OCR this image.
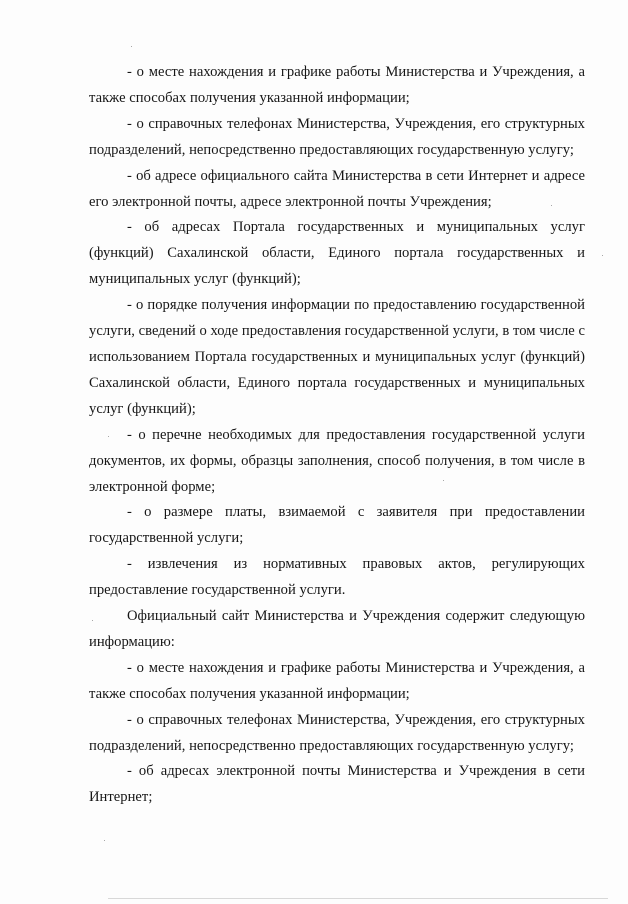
- о месте нахождения и графике работы Министерства и Учреждения, а также способах получения указанной информации;

- о справочных телефонах Министерства, Учреждения, его структурных подразделений, непосредственно предоставляющих государственную услугу;

- об адресе официального сайта Министерства в сети Интернет и адресе его электронной почты, адресе электронной почты Учреждения;

- об адресах Портала государственных и муниципальных услуг (функций) Сахалинской области, Единого портала государственных и муниципальных услуг (функций);

- о порядке получения информации по предоставлению государственной услуги, сведений о ходе предоставления государственной услуги, в том числе с использованием Портала государственных и муниципальных услуг (функций) Сахалинской области, Единого портала государственных и муниципальных услуг (функций);

- о перечне необходимых для предоставления государственной услуги документов, их формы, образцы заполнения, способ получения, в том числе в электронной форме;

- о размере платы, взимаемой с заявителя при предоставлении государственной услуги;

- извлечения из нормативных правовых актов, регулирующих предоставление государственной услуги.

Официальный сайт Министерства и Учреждения содержит следующую информацию:

- о месте нахождения и графике работы Министерства и Учреждения, а также способах получения указанной информации;

- о справочных телефонах Министерства, Учреждения, его структурных подразделений, непосредственно предоставляющих государственную услугу;

- об адресах электронной почты Министерства и Учреждения в сети Интернет;
